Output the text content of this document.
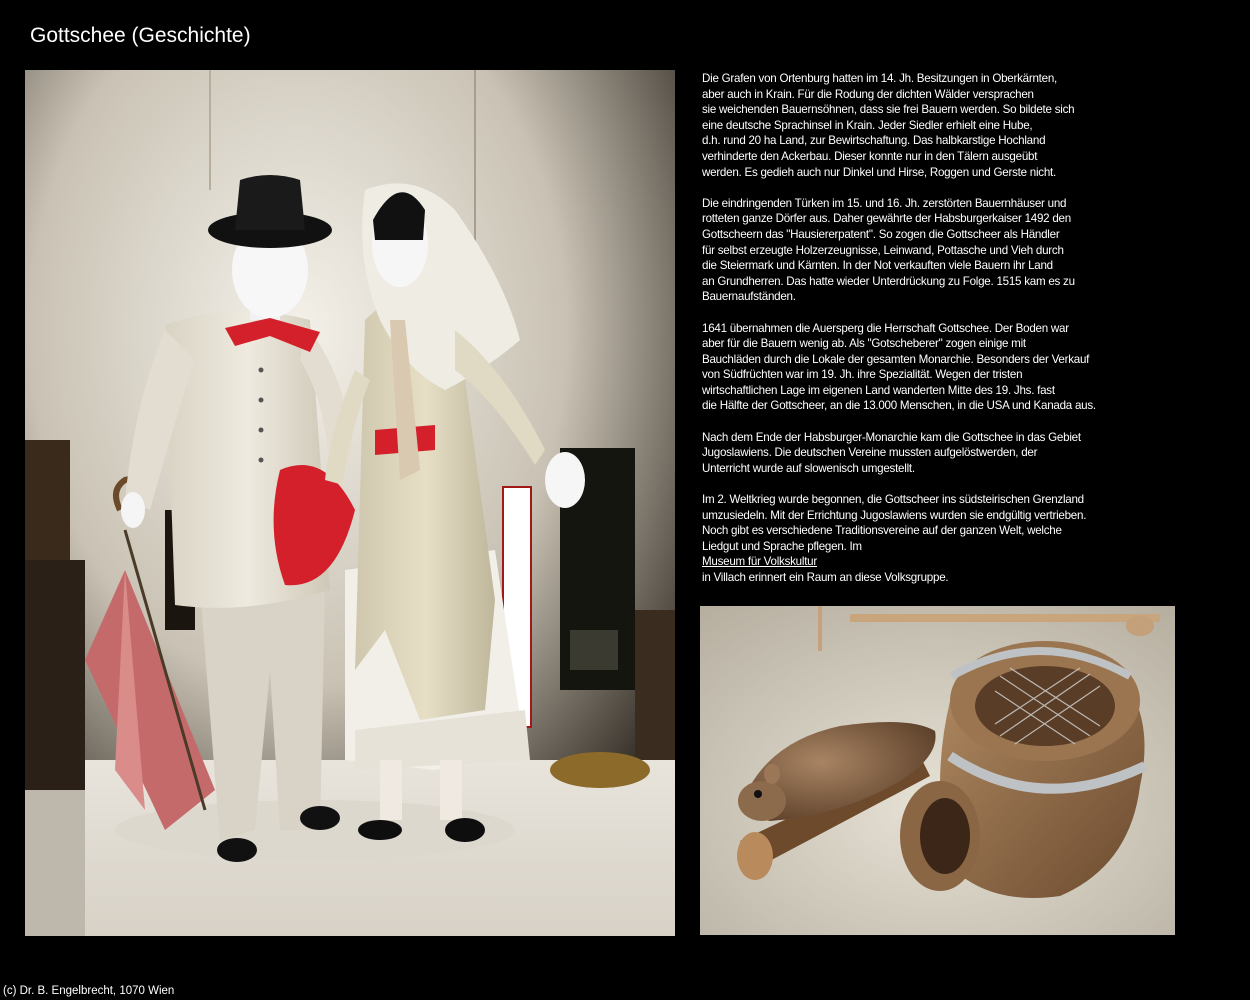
Gottschee (Geschichte)

Die Grafen von Ortenburg hatten im 14. Jh. Besitzungen in Oberkärnten,
aber auch in Krain. Für die Rodung der dichten Wälder versprachen
sie weichenden Bauernsöhnen, dass sie frei Bauern werden. So bildete sich
eine deutsche Sprachinsel in Krain. Jeder Siedler erhielt eine Hube,
d.h. rund 20 ha Land, zur Bewirtschaftung. Das halbkarstige Hochland
verhinderte den Ackerbau. Dieser konnte nur in den Tälern ausgeübt
werden. Es gedieh auch nur Dinkel und Hirse, Roggen und Gerste nicht.

Die eindringenden Türken im 15. und 16. Jh. zerstörten Bauernhäuser und
rotteten ganze Dörfer aus. Daher gewährte der Habsburgerkaiser 1492 den
Gottscheern das "Hausiererpatent". So zogen die Gottscheer als Händler
für selbst erzeugte Holzerzeugnisse, Leinwand, Pottasche und Vieh durch
die Steiermark und Kärnten. In der Not verkauften viele Bauern ihr Land
an Grundherren. Das hatte wieder Unterdrückung zu Folge. 1515 kam es zu
Bauernaufständen.

1641 übernahmen die Auersperg die Herrschaft Gottschee. Der Boden war
aber für die Bauern wenig ab. Als "Gotscheberer" zogen einige mit
Bauchläden durch die Lokale der gesamten Monarchie. Besonders der Verkauf
von Südfrüchten war im 19. Jh. ihre Spezialität. Wegen der tristen
wirtschaftlichen Lage im eigenen Land wanderten Mitte des 19. Jhs. fast
die Hälfte der Gottscheer, an die 13.000 Menschen, in die USA und Kanada aus.

Nach dem Ende der Habsburger-Monarchie kam die Gottschee in das Gebiet
Jugoslawiens. Die deutschen Vereine mussten aufgelöstwerden, der
Unterricht wurde auf slowenisch umgestellt.

Im 2. Weltkrieg wurde begonnen, die Gottscheer ins südsteirischen Grenzland
umzusiedeln. Mit der Errichtung Jugoslawiens wurden sie endgültig vertrieben.
Noch gibt es verschiedene Traditionsvereine auf der ganzen Welt, welche
Liedgut und Sprache pflegen. Im
Museum für Volkskultur
in Villach erinnert ein Raum an diese Volksgruppe.

(c) Dr. B. Engelbrecht, 1070 Wien
